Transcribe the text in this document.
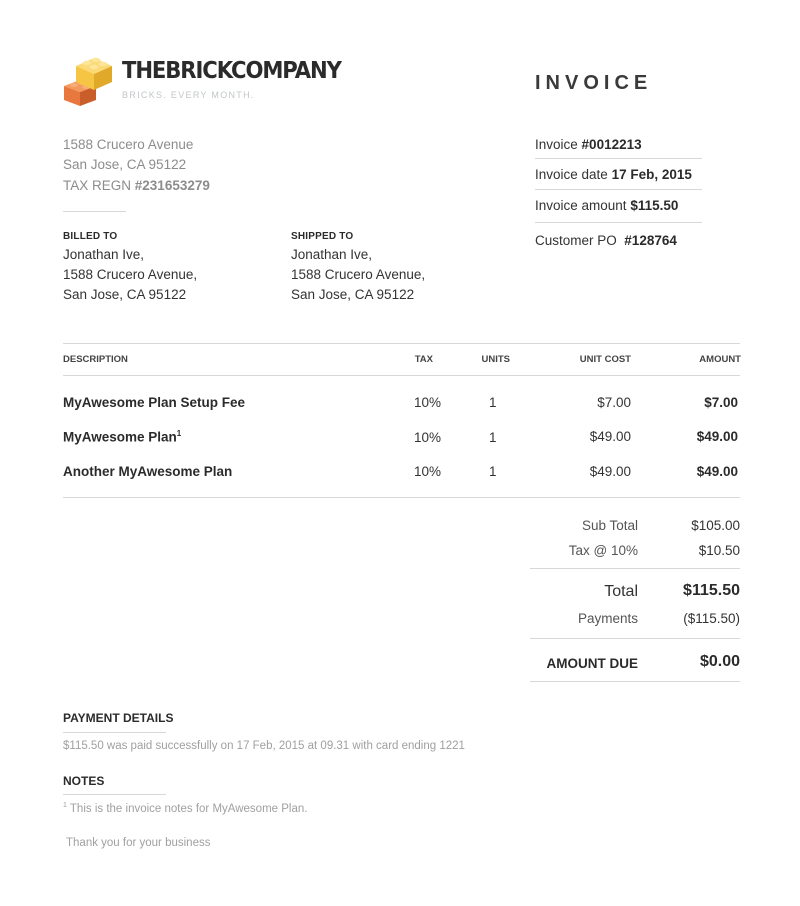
THEBRICKCOMPANY
BRICKS. EVERY MONTH.
INVOICE
1588 Crucero Avenue
San Jose, CA 95122
TAX REGN #231653279
Invoice #0012213
Invoice date 17 Feb, 2015
Invoice amount $115.50
Customer PO #128764
BILLED TO
Jonathan Ive,
1588 Crucero Avenue,
San Jose, CA 95122
SHIPPED TO
Jonathan Ive,
1588 Crucero Avenue,
San Jose, CA 95122
DESCRIPTION	TAX	UNITS	UNIT COST	AMOUNT
MyAwesome Plan Setup Fee	10%	1	$7.00	$7.00
MyAwesome Plan$^1$	10%	1	$49.00	$49.00
Another MyAwesome Plan	10%	1	$49.00	$49.00
Sub Total	$105.00
Tax @ 10%	$10.50
Total	$115.50
Payments	($115.50)
AMOUNT DUE	$0.00
PAYMENT DETAILS
$115.50 was paid successfully on 17 Feb, 2015 at 09.31 with card ending 1221
NOTES
$^1$ This is the invoice notes for MyAwesome Plan.
Thank you for your business
